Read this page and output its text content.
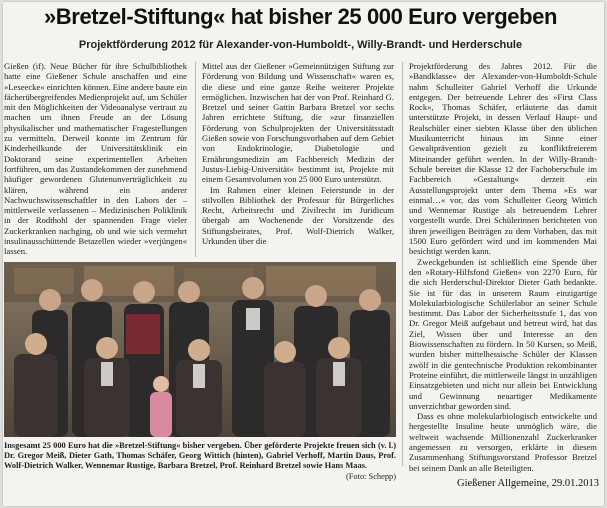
»Bretzel-Stiftung« hat bisher 25 000 Euro vergeben
Projektförderung 2012 für Alexander-von-Humboldt-, Willy-Brandt- und Herderschule

Gießen (if). Neue Bücher für ihre Schulbibliothek hatte eine Gießener Schule anschaffen und eine »Leseecke« einrichten können. Eine andere baute ein fächerübergreifendes Medienprojekt auf, um Schüler mit den Möglichkeiten der Videoanalyse vertraut zu machen um ihnen Freude an der Lösung physikalischer und mathematischer Fragestellungen zu vermitteln. Derweil konnte im Zentrum für Kinderheilkunde der Universitätsklinik ein Doktorand seine experimentellen Arbeiten fortführen, um das Zustandekommen der zunehmend häufiger gewordenen Glutenunverträglichkeit zu klären, während ein anderer Nachwuchswissenschaftler in den Labors der – mittlerweile verlassenen – Medizinischen Poliklinik in der Rodthohl der spannenden Frage vieler Zuckerkranken nachging, ob und wie sich vermehrt insulinausschüttende Betazellen wieder »verjüngen« lassen.

Mittel aus der Gießener »Gemeinnützigen Stiftung zur Förderung von Bildung und Wissenschaft« waren es, die diese und eine ganze Reihe weiterer Projekte ermöglichen. Inzwischen hat der von Prof. Reinhard G. Bretzel und seiner Gattin Barbara Bretzel vor sechs Jahren errichtete Stiftung, die »zur finanziellen Förderung von Schulprojekten der Universitätsstadt Gießen sowie von Forschungsvorhaben auf dem Gebiet von Endokrinologie, Diabetologie und Ernährungsmedizin am Fachbereich Medizin der Justus-Liebig-Universität« bestimmt ist, Projekte mit einem Gesamtvolumen von 25 000 Euro unterstützt.

Im Rahmen einer kleinen Feierstunde in der stilvollen Bibliothek der Professur für Bürgerliches Recht, Arbeitsrecht und Zivilrecht im Juridicum übergab am Wochenende der Vorsitzende des Stiftungsbeirates, Prof. Wolf-Dietrich Walker, Urkunden über die

Projektförderung des Jahres 2012. Für die »Bandklasse« der Alexander-von-Humboldt-Schule nahm Schulleiter Gabriel Verhoff die Urkunde entgegen. Der betreuende Lehrer des »First Class Rock«, Thomas Schäfer, erläuterte das damit unterstützte Projekt, in dessen Verlauf Haupt- und Realschüler einer siebten Klasse über den üblichen Musikunterricht hinaus im Sinne einer Gewaltprävention gezielt zu konfliktfreierem Miteinander geführt werden. In der Willy-Brandt-Schule bereitet die Klasse 12 der Fachoberschule im Fachbereich »Gestaltung« derzeit ein Ausstellungsprojekt unter dem Thema »Es war einmal…« vor, das vom Schulleiter Georg Wittich und Wennemar Rustige als betreuendem Lehrer vorgestellt wurde. Drei Schülerinnen berichteten von ihren jeweiligen Beiträgen zu dem Vorhaben, das mit 1500 Euro gefördert wird und im kommenden Mai besichtigt werden kann.

Zweckgebunden ist schließlich eine Spende über den »Rotary-Hilfsfond Gießen« von 2270 Euro, für die sich Herderschul-Direktor Dieter Gath bedankte. Sie ist für das in unserem Raum einzigartige Molekularbiologische Schülerlabor an seiner Schule bestimmt. Das Labor der Sicherheitsstufe 1, das von Dr. Gregor Meiß aufgebaut und betreut wird, hat das Ziel, Wissen über und Interesse an den Biowissenschaften zu fördern. In 50 Kursen, so Meiß, wurden bisher mittelhessische Schüler der Klassen zwölf in die gentechnische Produktion rekombinanter Proteine einführt, die mittlerweile längst in unzähligen Einsatzgebieten und nicht nur allein bei Entwicklung und Gewinnung neuartiger Medikamente unverzichtbar geworden sind.

Dass es ohne molekularbiologisch entwickelte und hergestellte Insuline heute unmöglich wäre, die weltweit wachsende Millionenzahl Zuckerkranker angemessen zu versorgen, erklärte in diesem Zusammenhang Stiftungsvorstand Professor Bretzel bei seinem Dank an alle Beteiligten.

Insgesamt 25 000 Euro hat die »Bretzel-Stiftung« bisher vergeben. Über geförderte Projekte freuen sich (v. l.) Dr. Gregor Meiß, Dieter Gath, Thomas Schäfer, Georg Wittich (hinten), Gabriel Verhoff, Martin Daus, Prof. Wolf-Dietrich Walker, Wennemar Rustige, Barbara Bretzel, Prof. Reinhard Bretzel sowie Hans Maas.
(Foto: Schepp)
Gießener Allgemeine, 29.01.2013
